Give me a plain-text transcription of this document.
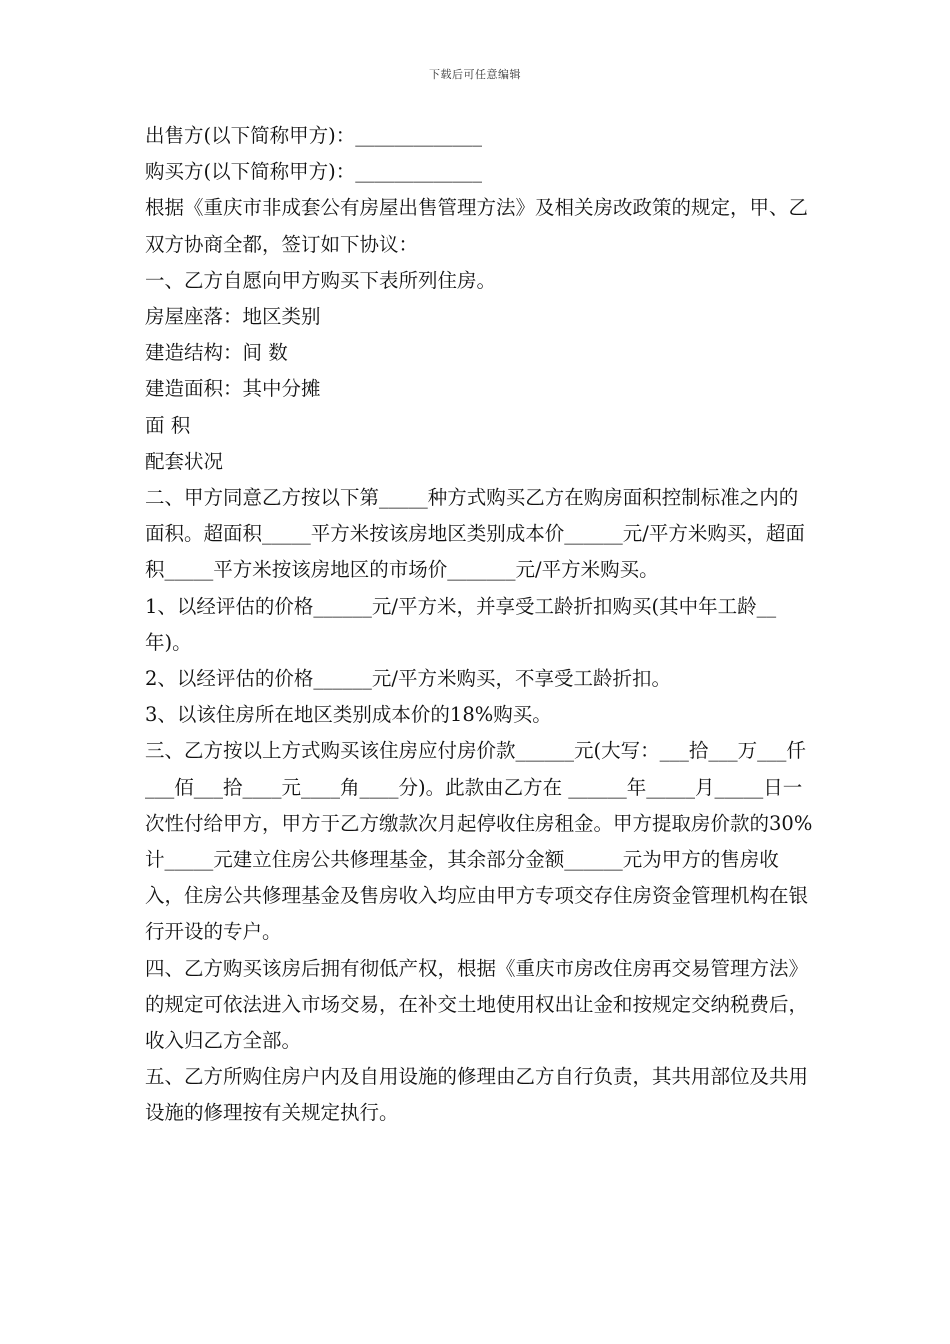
下载后可任意编辑

出售方(以下简称甲方)：_____________

购买方(以下简称甲方)：_____________

根据《重庆市非成套公有房屋出售管理方法》及相关房改政策的规定，甲、乙双方协商全都，签订如下协议：

一、乙方自愿向甲方购买下表所列住房。

房屋座落：地区类别

建造结构：间 数

建造面积：其中分摊

面 积

配套状况

二、甲方同意乙方按以下第_____种方式购买乙方在购房面积控制标准之内的面积。超面积_____平方米按该房地区类别成本价______元/平方米购买，超面积_____平方米按该房地区的市场价_______元/平方米购买。

1、以经评估的价格______元/平方米，并享受工龄折扣购买(其中年工龄__年)。

2、以经评估的价格______元/平方米购买，不享受工龄折扣。

3、以该住房所在地区类别成本价的18%购买。

三、乙方按以上方式购买该住房应付房价款______元(大写：___拾___万___仟___佰___拾____元____角____分)。此款由乙方在 ______年_____月_____日一次性付给甲方，甲方于乙方缴款次月起停收住房租金。甲方提取房价款的30%计_____元建立住房公共修理基金，其余部分金额______元为甲方的售房收入，住房公共修理基金及售房收入均应由甲方专项交存住房资金管理机构在银行开设的专户。

四、乙方购买该房后拥有彻低产权，根据《重庆市房改住房再交易管理方法》的规定可依法进入市场交易，在补交土地使用权出让金和按规定交纳税费后，收入归乙方全部。

五、乙方所购住房户内及自用设施的修理由乙方自行负责，其共用部位及共用设施的修理按有关规定执行。
